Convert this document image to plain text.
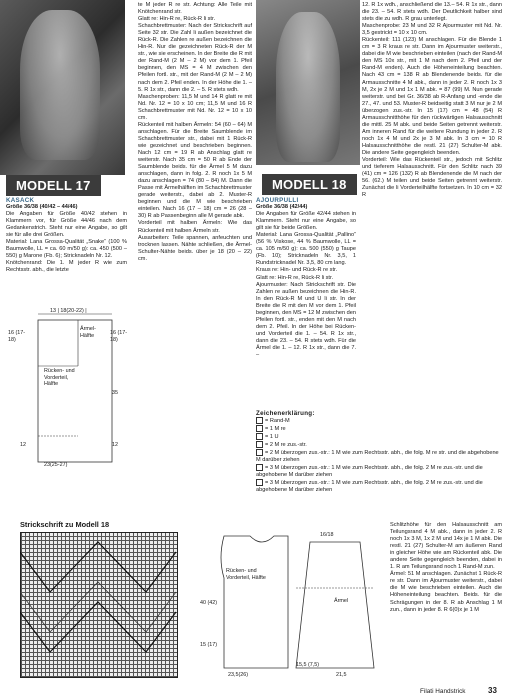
MODELL 17	MODELL 18

KASACK

Größe 36/38 (40/42 – 44/46)

Die Angaben für Größe 40/42 stehen in Klammern vor, für Größe 44/46 nach dem Gedankenstrich. Steht nur eine Angabe, so gilt sie für alle drei Größen.

Material: Lana Grossa-Qualität „Snake“ (100 % Baumwolle, LL = ca. 60 m/50 g): ca. 450 (500 – 550) g Marone (Fb. 6); Stricknadeln Nr. 12.

Knötchenrand: Die 1. M jeder R wie zum Rechtsstr. abh., die letzte

13 | 18(20-22) |
Ärmel-Hälfte
Rücken- und Vorderteil, Hälfte
16 (17-18)
16 (17-18)
12
35
12
23(25-27)

te M jeder R re str. Achtung: Alle Teile mit Knötchenrand str.

Glatt re: Hin-R re, Rück-R li str.

Schachbrettmuster: Nach der Strickschrift auf Seite 32 str. Die Zahl li außen bezeichnet die Rück-R. Die Zahlen re außen bezeichnen die Hin-R. Nur die gezeichneten Rück-R der M str., wie sie erscheinen. In der Breite die R mit der Rand-M (2 M – 2 M) vor dem 1. Pfeil beginnen, den MS = 4 M zwischen den Pfeilen fortl. str., mit der Rand-M (2 M – 2 M) nach dem 2. Pfeil enden. In der Höhe die 1. – 5. R 1x str., dann die 2. – 5. R stets wdh.

Maschenproben: 11,5 M und 14 R glatt re mit Nd. Nr. 12 = 10 x 10 cm; 11,5 M und 16 R Schachbrettmuster mit Nd. Nr. 12 = 10 x 10 cm.

Rückenteil mit halben Ärmeln: 54 (60 – 64) M anschlagen. Für die Breite Saumblende im Schachbrettmuster str., dabei mit 1 Rück-R wie gezeichnet und beschrieben beginnen. Nach 12 cm = 19 R ab Anschlag glatt re weiterstr. Nach 35 cm = 50 R ab Ende der Saumblende beids. für die Ärmel 5 M dazu anschlagen, dann in folg. 2. R noch 1x 5 M dazu anschlagen = 74 (80 – 84) M. Dann die Passe mit Ärmelhälften im Schachbrettmuster gerade weiterstr., dabei ab 2. Muster-R beginnen und die M wie beschrieben einteilen. Nach 16 (17 – 18) cm = 26 (28 – 30) R ab Passenbeginn alle M gerade abk.

Vorderteil mit halben Ärmeln: Wie das Rückenteil mit halben Ärmeln str.

Ausarbeiten: Teile spannen, anfeuchten und trocknen lassen. Nähte schließen, die Ärmel-Schulter-Nähte beids. über je 18 (20 – 22) cm.

AJOURPULLI

Größe 36/38 (42/44)

Die Angaben für Größe 42/44 stehen in Klammern. Steht nur eine Angabe, so gilt sie für beide Größen.

Material: Lana Grossa-Qualität „Pallino“ (56 % Viskose, 44 % Baumwolle, LL = ca. 105 m/50 g): ca. 500 (550) g Taupe (Fb. 10); Stricknadeln Nr. 3,5, 1 Rundstricknadel Nr. 3,5, 80 cm lang.

Kraus re: Hin- und Rück-R re str.

Glatt re: Hin-R re, Rück-R li str.

Ajourmuster: Nach Strickschrift str. Die Zahlen re außen bezeichnen die Hin-R. In den Rück-R M und U li str. In der Breite die R mit den M vor dem 1. Pfeil beginnen, den MS = 12 M zwischen den Pfeilen fortl. str., enden mit den M nach dem 2. Pfeil. In der Höhe bei Rücken- und Vorderteil die 1. – 54. R 1x str., dann die 23. – 54. R stets wdh. Für die Ärmel die 1. – 12. R 1x str., dann die 7. –

Zeichenerklärung:

= Rand-M

= 1 M re

= 1 U

= 2 M re zus.-str.

= 2 M überzogen zus.-str.: 1 M wie zum Rechtsstr. abh., die folg. M re str. und die abgehobene M darüber ziehen

= 3 M überzogen zus.-str.: 1 M wie zum Rechtsstr. abh., die folg. 2 M re zus.-str. und die abgehobene M darüber ziehen

= 3 M überzogen zus.-str.: 1 M wie zum Rechtsstr. abh., die folg. 2 M re zus.-str. und die abgehobene M darüber ziehen

12. R 1x wdh., anschließend die 13.– 54. R 1x str., dann die 23. – 54. R stets wdh. Der Deutlichkeit halber sind stets die zu wdh. R grau unterlegt.

Maschenprobe: 23 M und 32 R Ajourmuster mit Nd. Nr. 3,5 gestrickt = 10 x 10 cm.

Rückenteil: 111 (123) M anschlagen. Für die Blende 1 cm = 3 R kraus re str. Dann im Ajourmuster weiterstr., dabei die M wie beschrieben einteilen (nach der Rand-M den MS 10x str., mit 1 M nach dem 2. Pfeil und der Rand-M enden). Auch die Höheneinteilung beachten. Nach 43 cm = 138 R ab Blendenende beids. für die Armausschnitte 4 M abk., dann in jeder 2. R noch 1x 3 M, 2x je 2 M und 1x 1 M abk. = 87 (99) M. Nun gerade weiterstr. und bei Gr. 36/38 ab R-Anfang und -ende die 27., 47. und 53. Muster-R beidseitig statt 3 M nur je 2 M überzogen zus.-str. In 15 (17) cm = 48 (54) R Armausschnitthöhe für den rückwärtigen Halsausschnitt die mittl. 25 M abk. und beide Seiten getrennt weiterstr. Am inneren Rand für die weitere Rundung in jeder 2. R noch 1x 4 M und 2x je 3 M abk. In 3 cm = 10 R Halsausschnitthöhe die restl. 21 (27) Schulter-M abk. Die andere Seite gegengleich beenden.

Vorderteil: Wie das Rückenteil str., jedoch mit Schlitz und tieferem Halsausschnitt. Für den Schlitz nach 39 (41) cm = 126 (132) R ab Blendenende die M nach der 56. (62.) M teilen und beide Seiten getrennt weiterstr. Zunächst die li Vorderteilhälfte fortsetzen. In 10 cm = 32 R

Schlitzhöhe für den Halsausschnitt am Teilungsrand 4 M abk., dann in jeder 2. R noch 1x 3 M, 1x 2 M und 14x je 1 M abk. Die restl. 21 (27) Schulter-M am äußeren Rand in gleicher Höhe wie am Rückenteil abk. Die andere Seite gegengleich beenden, dabei in 1. R am Teilungsrand noch 1 Rand-M zun.

Ärmel: 51 M anschlagen. Zunächst 1 Rück-R re str. Dann im Ajourmuster weiterstr., dabei die M wie beschrieben einteilen. Auch die Höheneinteilung beachten. Beids. für die Schrägungen in der 8. R ab Anschlag 1 M zun., dann in jeder 8. R 6(0)x je 1 M

Strickschrift zu Modell 18
Rücken- und Vorderteil, Hälfte
Ärmel
40 (42)
15 (17)
23,5(26)
16/18
21,5
15,5 (7,5)
Filati Handstrick	33
